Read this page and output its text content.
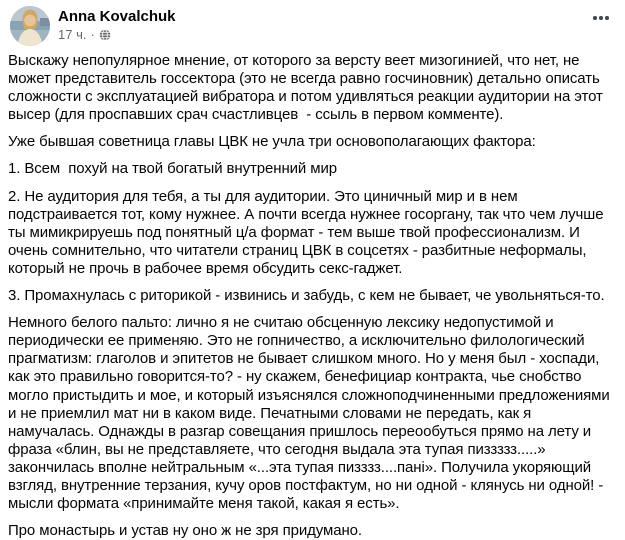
Anna Kovalchuk
17 ч. ·

Выскажу непопулярное мнение, от которого за версту веет мизогинией, что нет, не может представитель госсектора (это не всегда равно госчиновник) детально описать сложности с эксплуатацией вибратора и потом удивляться реакции аудитории на этот высер (для проспавших срач счастливцев  - ссыль в первом комменте).

Уже бывшая советница главы ЦВК не учла три основополагающих фактора:

1. Всем  похуй на твой богатый внутренний мир

2. Не аудитория для тебя, а ты для аудитории. Это циничный мир и в нем подстраивается тот, кому нужнее. А почти всегда нужнее госоргану, так что чем лучше ты мимикрируешь под понятный ц/а формат - тем выше твой профессионализм. И очень сомнительно, что читатели страниц ЦВК в соцсетях - разбитные неформалы, который не прочь в рабочее время обсудить секс-гаджет.

3. Промахнулась с риторикой - извинись и забудь, с кем не бывает, че увольняться-то.

Немного белого пальто: лично я не считаю обсценную лексику недопустимой и периодически ее применяю. Это не гопничество, а исключительно филологический прагматизм: глаголов и эпитетов не бывает слишком много. Но у меня был - хоспади, как это правильно говорится-то? - ну скажем, бенефициар контракта, чье снобство могло пристыдить и мое, и который изъяснялся сложноподчиненными предложениями и не приемлил мат ни в каком виде. Печатными словами не передать, как я намучалась. Однажды в разгар совещания пришлось переообуться прямо на лету и фраза «блин, вы не представляете, что сегодня выдала эта тупая пиззззз.....» закончилась вполне нейтральным «...эта тупая пизззз....пані». Получила укоряющий взгляд, внутренние терзания, кучу оров постфактум, но ни одной - клянусь ни одной! - мысли формата «принимайте меня такой, какая я есть».

Про монастырь и устав ну оно ж не зря придумано.
